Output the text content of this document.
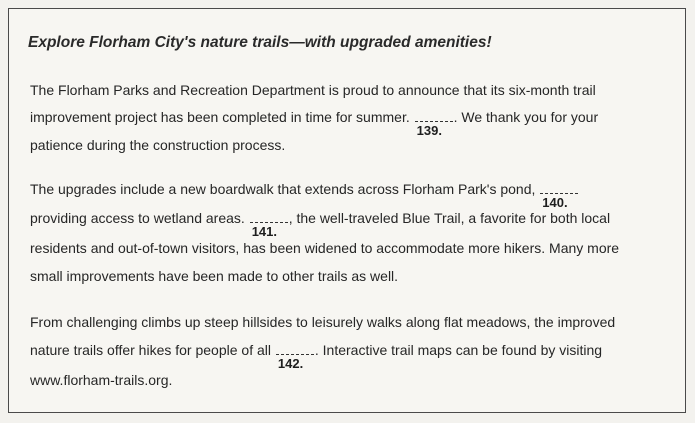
Explore Florham City's nature trails—with upgraded amenities!
The Florham Parks and Recreation Department is proud to announce that its six-month trail
improvement project has been completed in time for summer.
139.
. We thank you for your
patience during the construction process.
The upgrades include a new boardwalk that extends across Florham Park's pond,
140.
providing access to wetland areas.
141.
, the well-traveled Blue Trail, a favorite for both local
residents and out-of-town visitors, has been widened to accommodate more hikers. Many more
small improvements have been made to other trails as well.
From challenging climbs up steep hillsides to leisurely walks along flat meadows, the improved
nature trails offer hikes for people of all
142.
. Interactive trail maps can be found by visiting
www.florham-trails.org.
